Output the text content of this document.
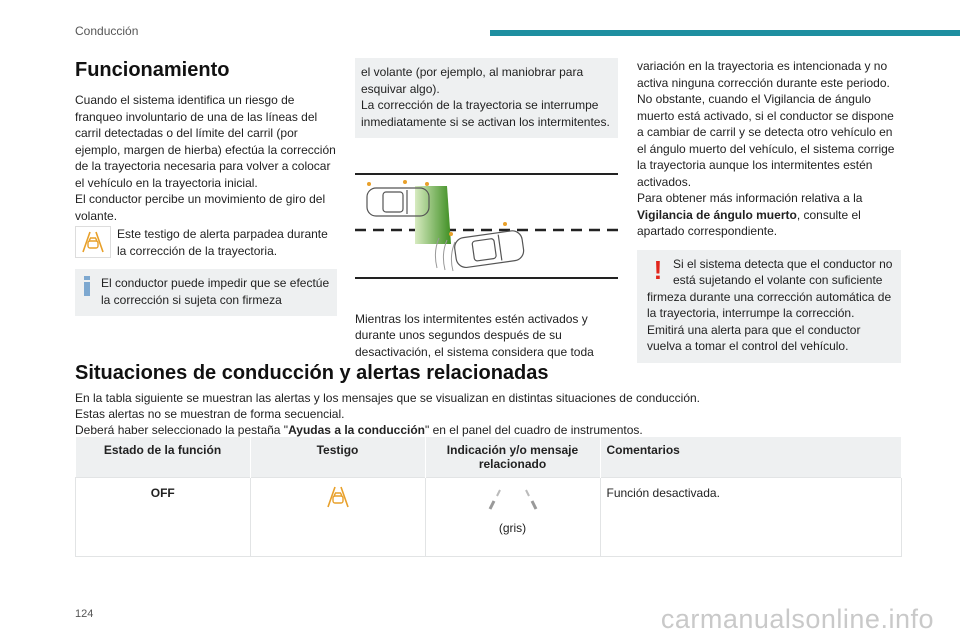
Conducción
Funcionamiento

Cuando el sistema identifica un riesgo de franqueo involuntario de una de las líneas del carril detectadas o del límite del carril (por ejemplo, margen de hierba) efectúa la corrección de la trayectoria necesaria para volver a colocar el vehículo en la trayectoria inicial.

El conductor percibe un movimiento de giro del volante.

Este testigo de alerta parpadea durante la corrección de la trayectoria.

El conductor puede impedir que se efectúe la corrección si sujeta con firmeza

el volante (por ejemplo, al maniobrar para esquivar algo).

La corrección de la trayectoria se interrumpe inmediatamente si se activan los intermitentes.

Mientras los intermitentes estén activados y durante unos segundos después de su desactivación, el sistema considera que toda

variación en la trayectoria es intencionada y no activa ninguna corrección durante este periodo.

No obstante, cuando el Vigilancia de ángulo muerto está activado, si el conductor se dispone a cambiar de carril y se detecta otro vehículo en el ángulo muerto del vehículo, el sistema corrige la trayectoria aunque los intermitentes estén activados.

Para obtener más información relativa a la Vigilancia de ángulo muerto, consulte el apartado correspondiente.

! Si el sistema detecta que el conductor no está sujetando el volante con suficiente firmeza durante una corrección automática de la trayectoria, interrumpe la corrección. Emitirá una alerta para que el conductor vuelva a tomar el control del vehículo.

Situaciones de conducción y alertas relacionadas

En la tabla siguiente se muestran las alertas y los mensajes que se visualizan en distintas situaciones de conducción.

Estas alertas no se muestran de forma secuencial.

Deberá haber seleccionado la pestaña "Ayudas a la conducción" en el panel del cuadro de instrumentos.

Estado de la función	Testigo	Indicación y/o mensaje relacionado	Comentarios
OFF		(gris)	Función desactivada.
124	carmanualsonline.info
